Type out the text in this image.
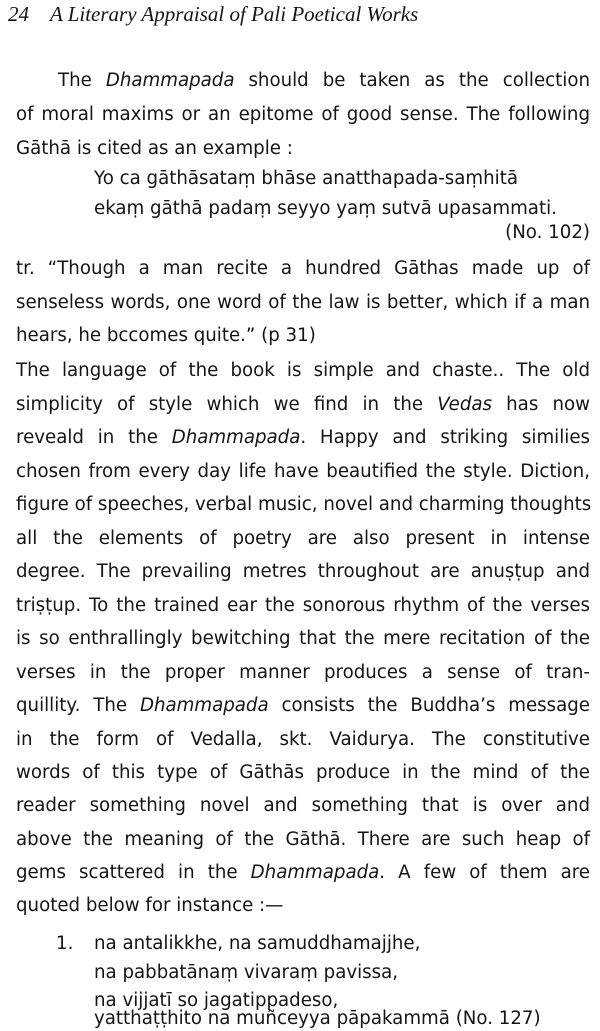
24 A Literary Appraisal of Pali Poetical Works
The Dhammapada should be taken as the collection
of moral maxims or an epitome of good sense. The following
Gāthā is cited as an example :
Yo ca gāthāsataṃ bhāse anatthapada-saṃhitā
ekaṃ gāthā padaṃ seyyo yaṃ sutvā upasammati.
(No. 102)
tr. “Though a man recite a hundred Gāthas made up of
senseless words, one word of the law is better, which if a man
hears, he bccomes quite.” (p 31)
The language of the book is simple and chaste.. The old
simplicity of style which we find in the Vedas has now
reveald in the Dhammapada. Happy and striking similies
chosen from every day life have beautified the style. Diction,
figure of speeches, verbal music, novel and charming thoughts
all the elements of poetry are also present in intense
degree. The prevailing metres throughout are anuṣṭup and
triṣṭup. To the trained ear the sonorous rhythm of the verses
is so enthrallingly bewitching that the mere recitation of the
verses in the proper manner produces a sense of tran-
quillity. The Dhammapada consists the Buddha’s message
in the form of Vedalla, skt. Vaidurya. The constitutive
words of this type of Gāthās produce in the mind of the
reader something novel and something that is over and
above the meaning of the Gāthā. There are such heap of
gems scattered in the Dhammapada. A few of them are
quoted below for instance :—
1.	na antalikkhe, na samuddhamajjhe,
na pabbatānaṃ vivaraṃ pavissa,
na vijjatī so jagatippadeso,
yatthaṭṭhito na muñceyya pāpakammā (No. 127)
